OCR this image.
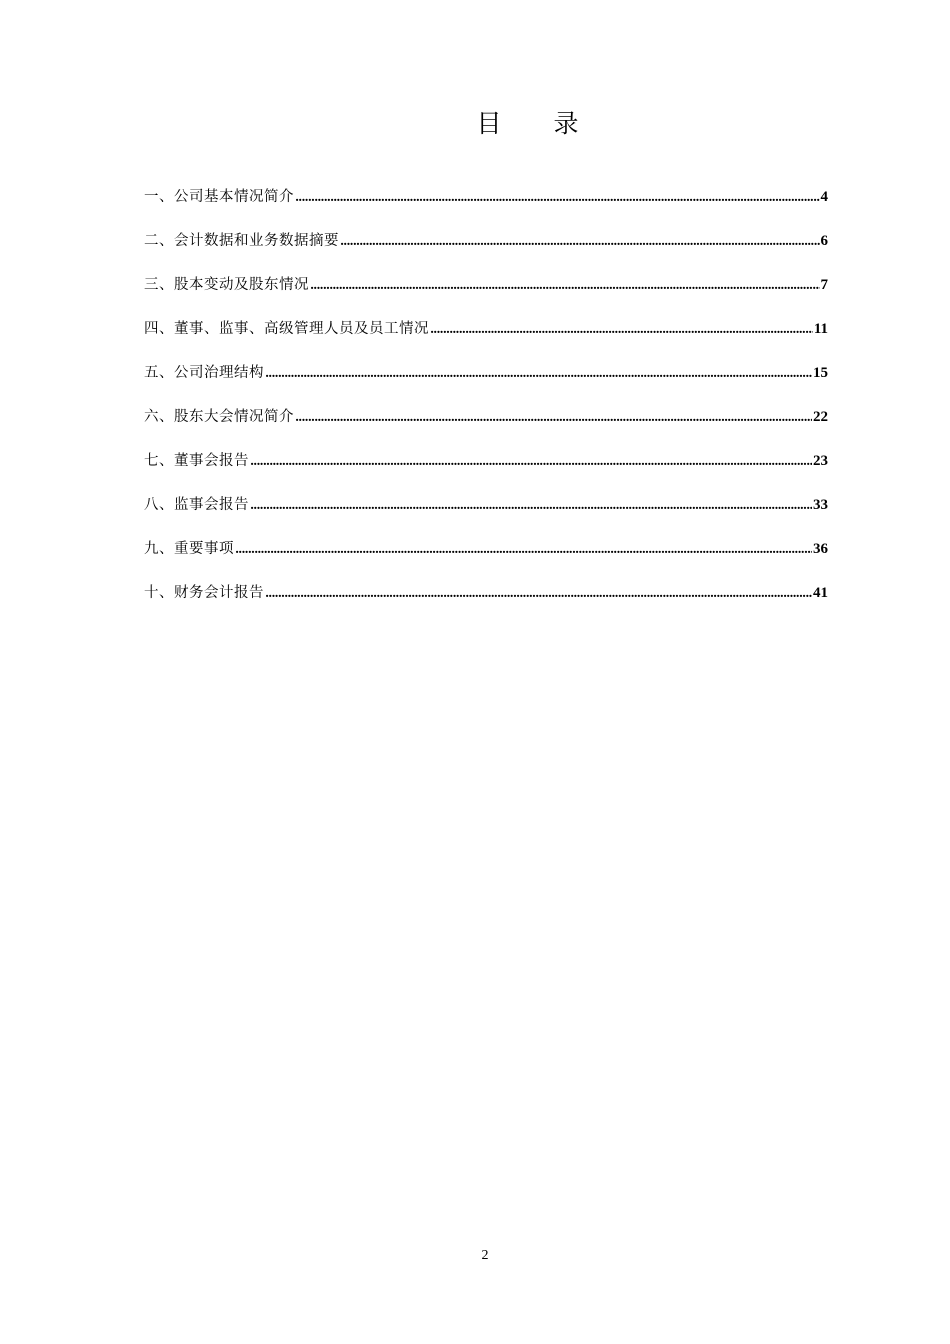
目 录
一、公司基本情况简介 .....	4
二、会计数据和业务数据摘要 .....	6
三、股本变动及股东情况 .....	7
四、董事、监事、高级管理人员及员工情况 .....	11
五、公司治理结构 .....	15
六、股东大会情况简介 .....	22
七、董事会报告 .....	23
八、监事会报告 .....	33
九、重要事项 .....	36
十、财务会计报告 .....	41
2
